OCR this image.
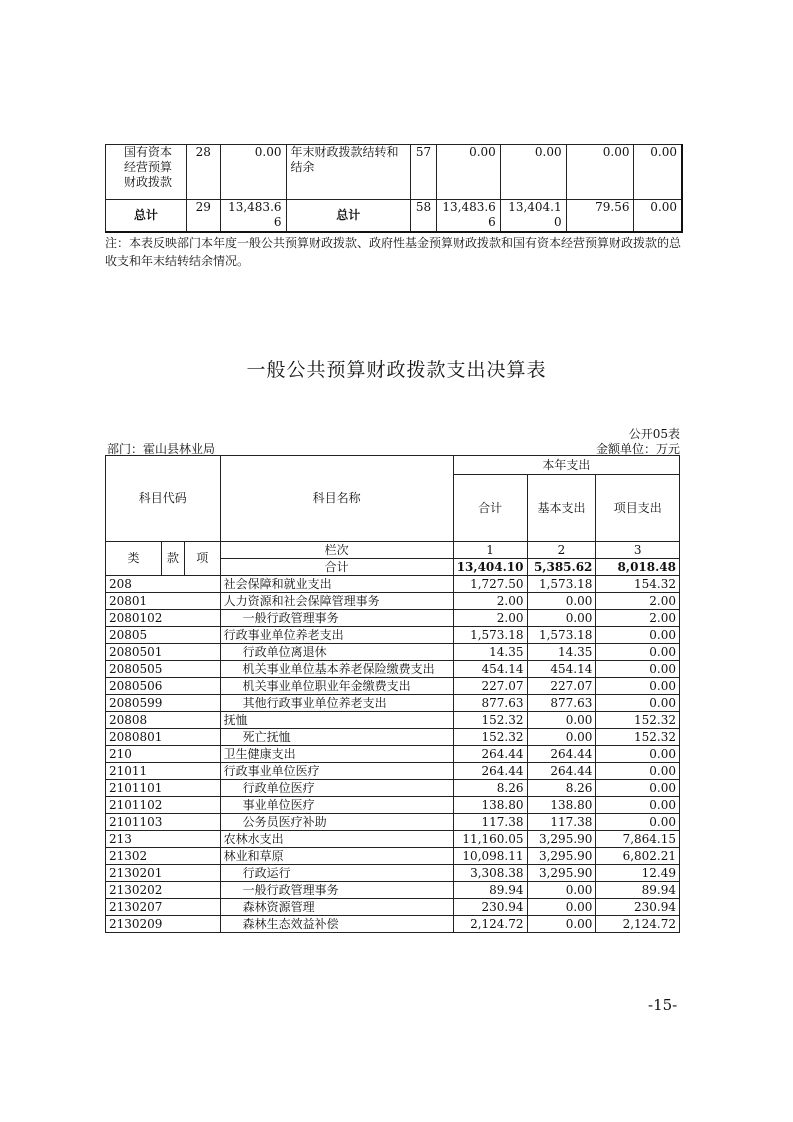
国有资本经营预算财政拨款	28	0.00	年末财政拨款结转和结余	57	0.00	0.00	0.00	0.00
总计	29	13,483.66	总计	58	13,483.66	13,404.10	79.56	0.00
注：本表反映部门本年度一般公共预算财政拨款、政府性基金预算财政拨款和国有资本经营预算财政拨款的总收支和年末结转结余情况。
一般公共预算财政拨款支出决算表
公开05表
部门：霍山县林业局	金额单位：万元
科目代码			科目名称	本年支出		
				合计	基本支出	项目支出
类	款	项	栏次	1	2	3
			合计	13,404.10	5,385.62	8,018.48
208			社会保障和就业支出	1,727.50	1,573.18	154.32
20801			人力资源和社会保障管理事务	2.00	0.00	2.00
2080102			一般行政管理事务	2.00	0.00	2.00
20805			行政事业单位养老支出	1,573.18	1,573.18	0.00
2080501			行政单位离退休	14.35	14.35	0.00
2080505			机关事业单位基本养老保险缴费支出	454.14	454.14	0.00
2080506			机关事业单位职业年金缴费支出	227.07	227.07	0.00
2080599			其他行政事业单位养老支出	877.63	877.63	0.00
20808			抚恤	152.32	0.00	152.32
2080801			死亡抚恤	152.32	0.00	152.32
210			卫生健康支出	264.44	264.44	0.00
21011			行政事业单位医疗	264.44	264.44	0.00
2101101			行政单位医疗	8.26	8.26	0.00
2101102			事业单位医疗	138.80	138.80	0.00
2101103			公务员医疗补助	117.38	117.38	0.00
213			农林水支出	11,160.05	3,295.90	7,864.15
21302			林业和草原	10,098.11	3,295.90	6,802.21
2130201			行政运行	3,308.38	3,295.90	12.49
2130202			一般行政管理事务	89.94	0.00	89.94
2130207			森林资源管理	230.94	0.00	230.94
2130209			森林生态效益补偿	2,124.72	0.00	2,124.72
-15-
